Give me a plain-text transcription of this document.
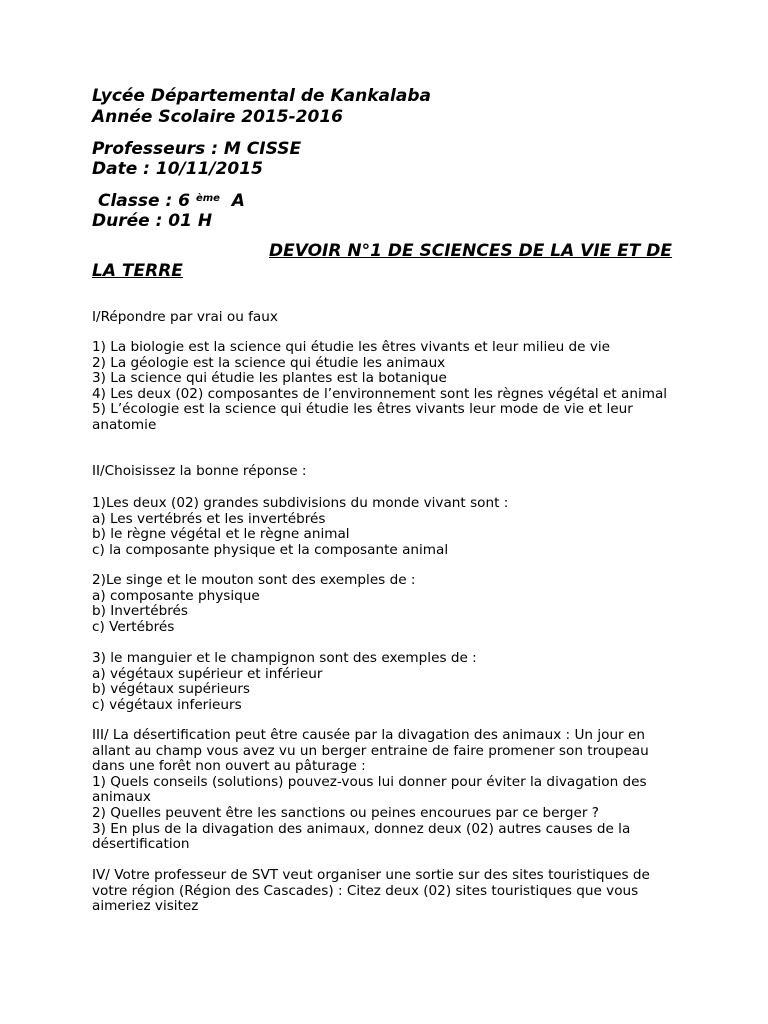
Lycée Départemental de Kankalaba

Année Scolaire 2015-2016

Professeurs : M CISSE

Date : 10/11/2015

Classe : 6 $^{ème}$ A

Durée : 01 H

DEVOIR N°1 DE SCIENCES DE LA VIE ET DE LA TERRE

I/Répondre par vrai ou faux
1) La biologie est la science qui étudie les êtres vivants et leur milieu de vie
2) La géologie est la science qui étudie les animaux
3) La science qui étudie les plantes est la botanique
4) Les deux (02) composantes de l’environnement sont les règnes végétal et animal
5) L’écologie est la science qui étudie les êtres vivants leur mode de vie et leur anatomie
II/Choisissez la bonne réponse :
1)Les deux (02) grandes subdivisions du monde vivant sont :
a) Les vertébrés et les invertébrés
b) le règne végétal et le règne animal
c) la composante physique et la composante animal
2)Le singe et le mouton sont des exemples de :
a) composante physique
b) Invertébrés
c) Vertébrés
3) le manguier et le champignon sont des exemples de :
a) végétaux supérieur et inférieur
b) végétaux supérieurs
c) végétaux inferieurs
III/ La désertification peut être causée par la divagation des animaux : Un jour en allant au champ vous avez vu un berger entraine de faire promener son troupeau dans une forêt non ouvert au pâturage :
1) Quels conseils (solutions) pouvez-vous lui donner pour éviter la divagation des animaux
2) Quelles peuvent être les sanctions ou peines encourues par ce berger ?
3) En plus de la divagation des animaux, donnez deux (02) autres causes de la désertification
IV/ Votre professeur de SVT veut organiser une sortie sur des sites touristiques de votre région (Région des Cascades) : Citez deux (02) sites touristiques que vous aimeriez visitez
